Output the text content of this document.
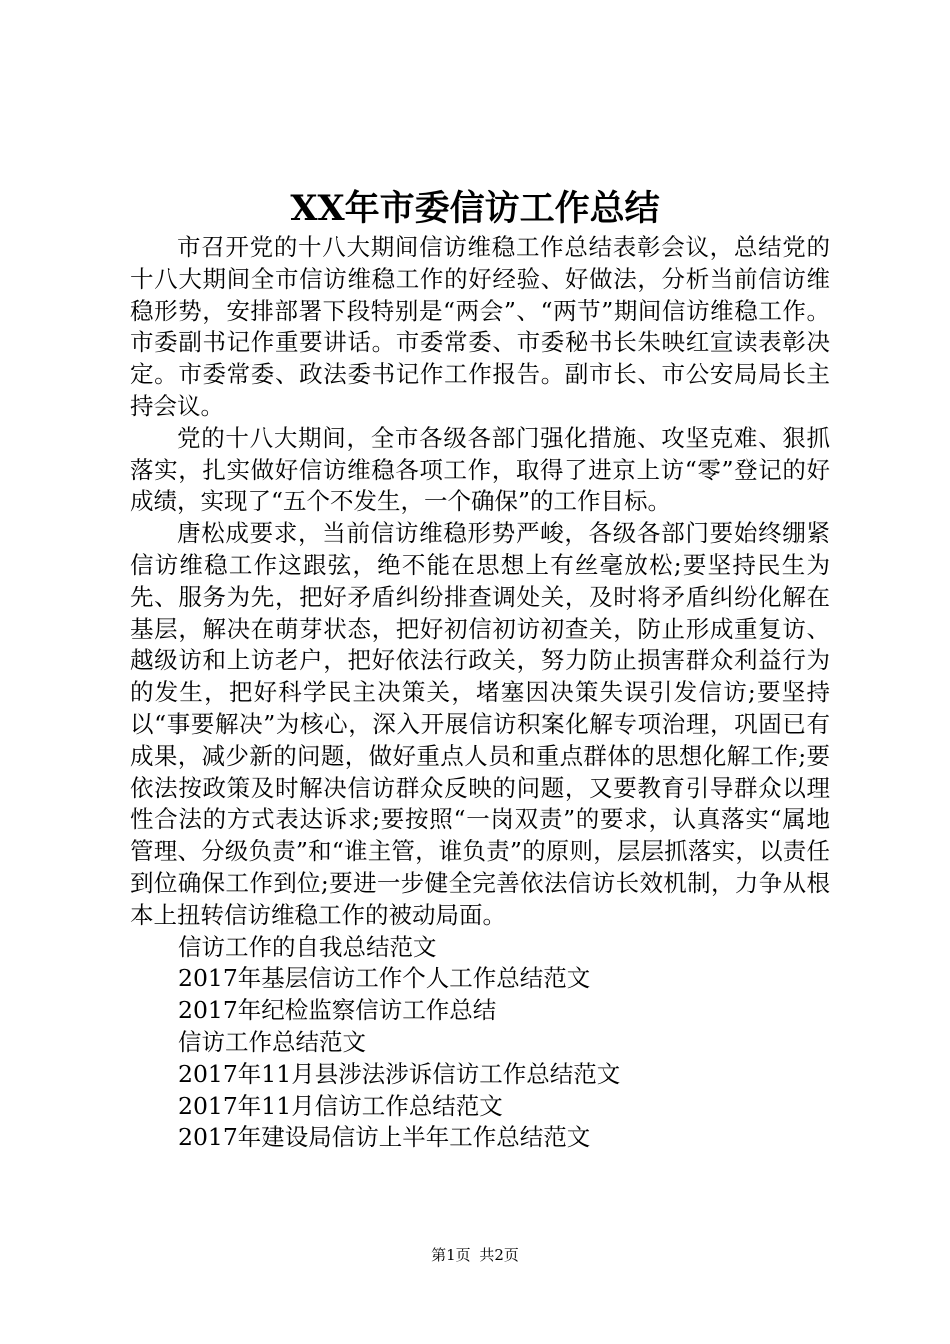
XX年市委信访工作总结

市召开党的十八大期间信访维稳工作总结表彰会议，总结党的十八大期间全市信访维稳工作的好经验、好做法，分析当前信访维稳形势，安排部署下段特别是“两会”、“两节”期间信访维稳工作。市委副书记作重要讲话。市委常委、市委秘书长朱映红宣读表彰决定。市委常委、政法委书记作工作报告。副市长、市公安局局长主持会议。

党的十八大期间，全市各级各部门强化措施、攻坚克难、狠抓落实，扎实做好信访维稳各项工作，取得了进京上访“零”登记的好成绩，实现了“五个不发生，一个确保”的工作目标。

唐松成要求，当前信访维稳形势严峻，各级各部门要始终绷紧信访维稳工作这跟弦，绝不能在思想上有丝毫放松;要坚持民生为先、服务为先，把好矛盾纠纷排查调处关，及时将矛盾纠纷化解在基层，解决在萌芽状态，把好初信初访初查关，防止形成重复访、越级访和上访老户，把好依法行政关，努力防止损害群众利益行为的发生，把好科学民主决策关，堵塞因决策失误引发信访;要坚持以“事要解决”为核心，深入开展信访积案化解专项治理，巩固已有成果，减少新的问题，做好重点人员和重点群体的思想化解工作;要依法按政策及时解决信访群众反映的问题，又要教育引导群众以理性合法的方式表达诉求;要按照“一岗双责”的要求，认真落实“属地管理、分级负责”和“谁主管，谁负责”的原则，层层抓落实，以责任到位确保工作到位;要进一步健全完善依法信访长效机制，力争从根本上扭转信访维稳工作的被动局面。

信访工作的自我总结范文
2017年基层信访工作个人工作总结范文
2017年纪检监察信访工作总结
信访工作总结范文
2017年11月县涉法涉诉信访工作总结范文
2017年11月信访工作总结范文
2017年建设局信访上半年工作总结范文
第1页 共2页
